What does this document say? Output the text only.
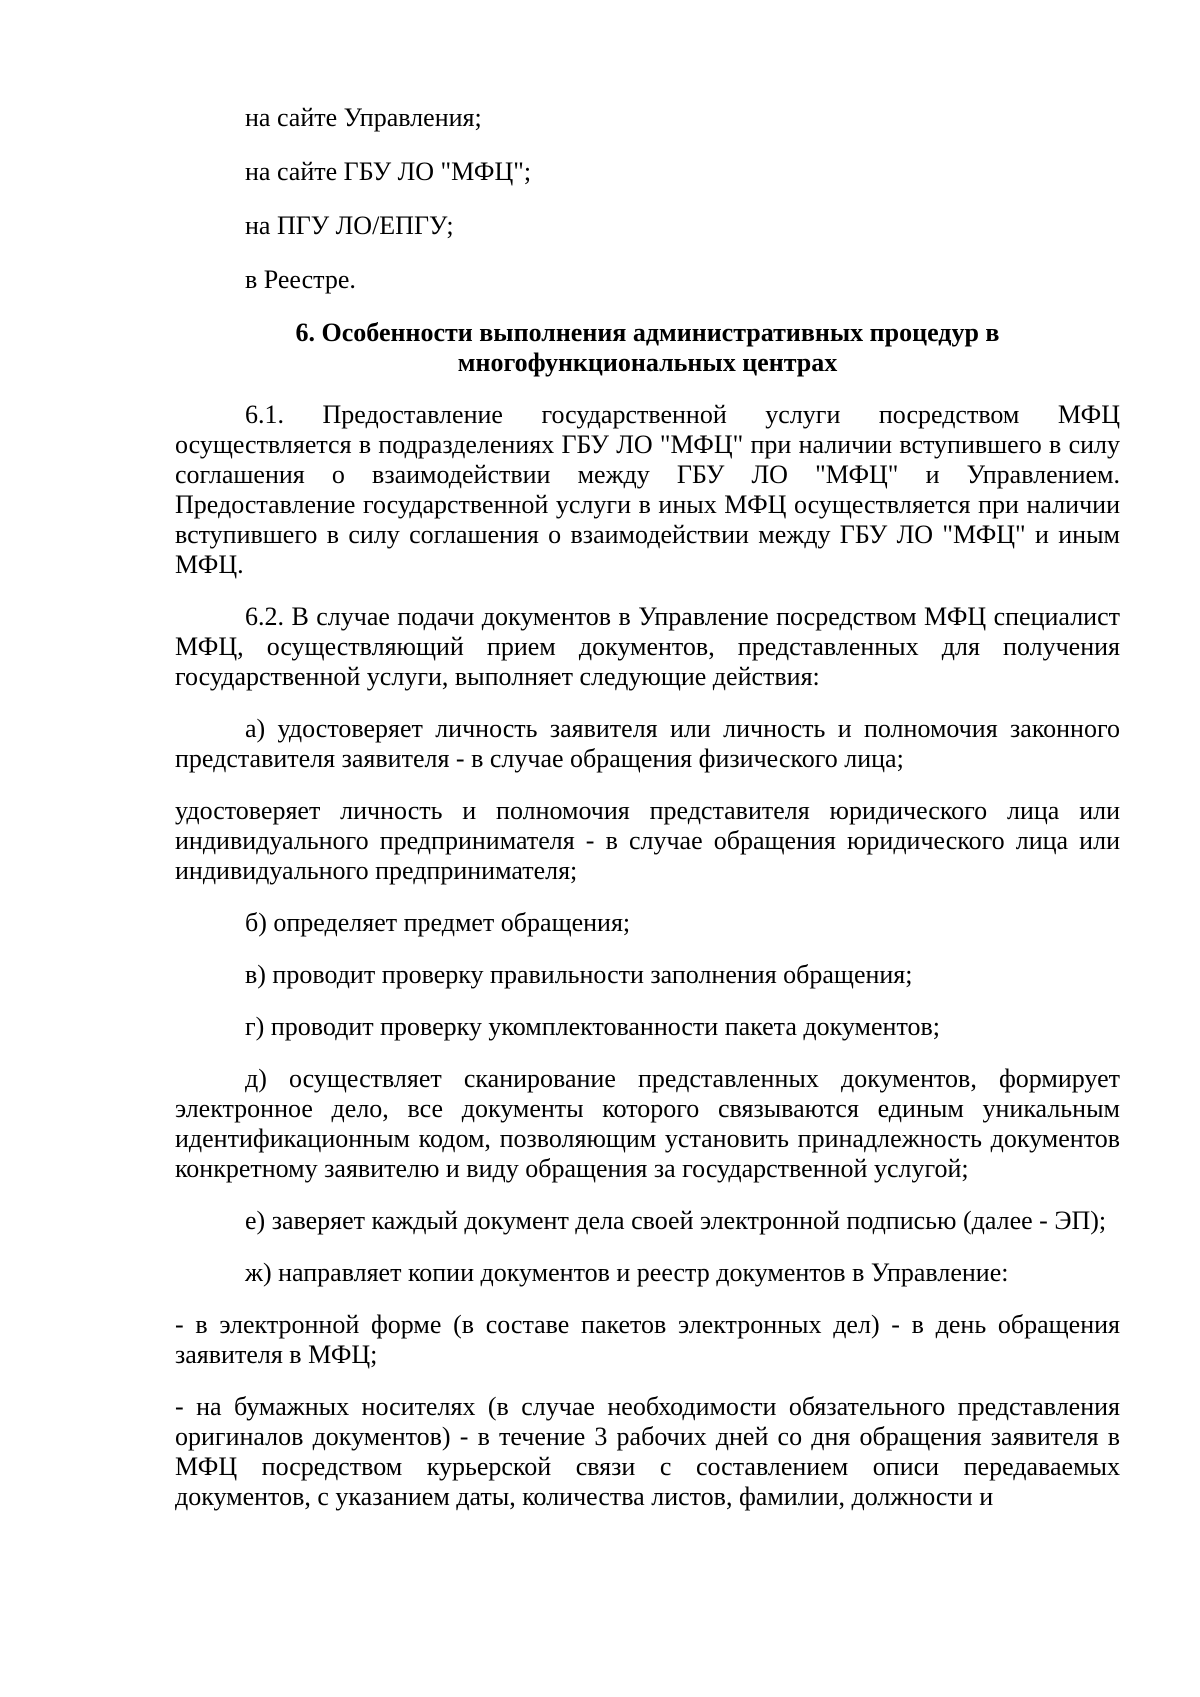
на сайте Управления;

на сайте ГБУ ЛО "МФЦ";

на ПГУ ЛО/ЕПГУ;

в Реестре.

6. Особенности выполнения административных процедур в
многофункциональных центрах

6.1. Предоставление государственной услуги посредством МФЦ осуществляется в подразделениях ГБУ ЛО "МФЦ" при наличии вступившего в силу соглашения о взаимодействии между ГБУ ЛО "МФЦ" и Управлением. Предоставление государственной услуги в иных МФЦ осуществляется при наличии вступившего в силу соглашения о взаимодействии между ГБУ ЛО "МФЦ" и иным МФЦ.

6.2. В случае подачи документов в Управление посредством МФЦ специалист МФЦ, осуществляющий прием документов, представленных для получения государственной услуги, выполняет следующие действия:

а) удостоверяет личность заявителя или личность и полномочия законного представителя заявителя - в случае обращения физического лица;

удостоверяет личность и полномочия представителя юридического лица или индивидуального предпринимателя - в случае обращения юридического лица или индивидуального предпринимателя;

б) определяет предмет обращения;

в) проводит проверку правильности заполнения обращения;

г) проводит проверку укомплектованности пакета документов;

д) осуществляет сканирование представленных документов, формирует электронное дело, все документы которого связываются единым уникальным идентификационным кодом, позволяющим установить принадлежность документов конкретному заявителю и виду обращения за государственной услугой;

е) заверяет каждый документ дела своей электронной подписью (далее - ЭП);

ж) направляет копии документов и реестр документов в Управление:

- в электронной форме (в составе пакетов электронных дел) - в день обращения заявителя в МФЦ;

- на бумажных носителях (в случае необходимости обязательного представления оригиналов документов) - в течение 3 рабочих дней со дня обращения заявителя в МФЦ посредством курьерской связи с составлением описи передаваемых документов, с указанием даты, количества листов, фамилии, должности и
